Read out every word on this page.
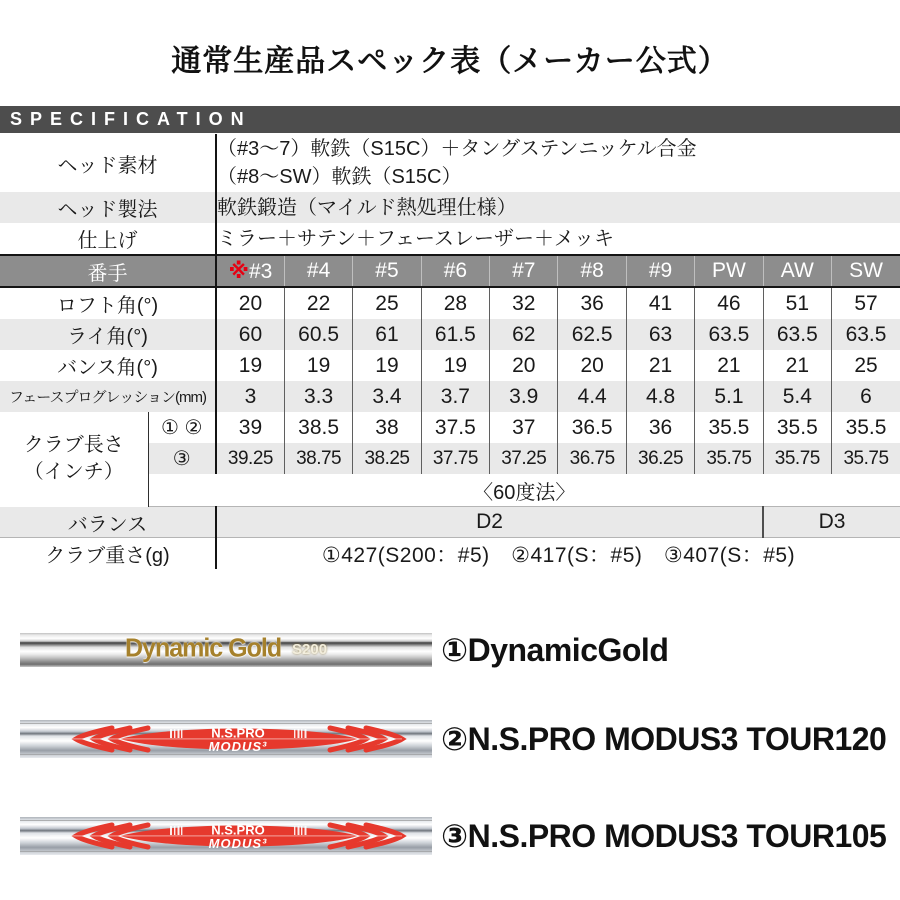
通常生産品スペック表（メーカー公式）
SPECIFICATION
ヘッド素材		（#3～7）軟鉄（S15C）＋タングステンニッケル合金
（#8～SW）軟鉄（S15C）									
ヘッド製法		軟鉄鍛造（マイルド熱処理仕様）									
仕上げ		ミラー＋サテン＋フェースレーザー＋メッキ									
番手		※#3	#4	#5	#6	#7	#8	#9	PW	AW	SW
ロフト角(°)		20	22	25	28	32	36	41	46	51	57
ライ角(°)		60	60.5	61	61.5	62	62.5	63	63.5	63.5	63.5
バンス角(°)		19	19	19	19	20	20	21	21	21	25
フェースプログレッション(mm)		3	3.3	3.4	3.7	3.9	4.4	4.8	5.1	5.4	6
クラブ長さ
（インチ）	① ②	39	38.5	38	37.5	37	36.5	36	35.5	35.5	35.5
	③	39.25	38.75	38.25	37.75	37.25	36.75	36.25	35.75	35.75	35.75
	〈60度法〉										
バランス		D2								D3	
クラブ重さ(g)		①427(S200：#5)　②417(S：#5)　③407(S：#5)									
Dynamic Gold S200	①DynamicGold
N.S.PRO
MODUS³	②N.S.PRO MODUS3 TOUR120
N.S.PRO
MODUS³	③N.S.PRO MODUS3 TOUR105
